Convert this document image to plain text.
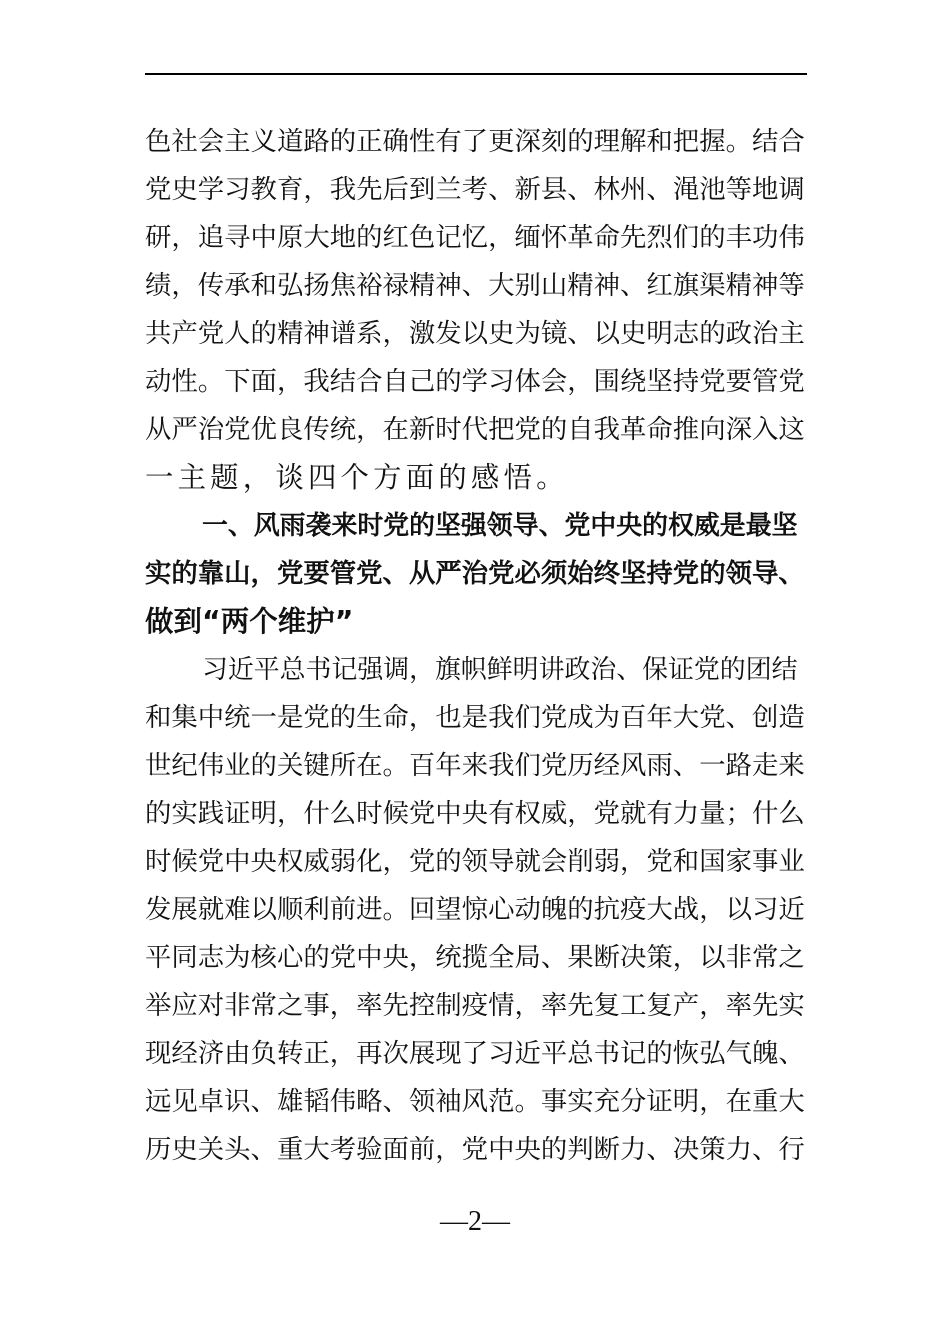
色社会主义道路的正确性有了更深刻的理解和把握。结合
党史学习教育，我先后到兰考、新县、林州、渑池等地调
研，追寻中原大地的红色记忆，缅怀革命先烈们的丰功伟
绩，传承和弘扬焦裕禄精神、大别山精神、红旗渠精神等
共产党人的精神谱系，激发以史为镜、以史明志的政治主
动性。下面，我结合自己的学习体会，围绕坚持党要管党
从严治党优良传统，在新时代把党的自我革命推向深入这
一主题，谈四个方面的感悟。
一、风雨袭来时党的坚强领导、党中央的权威是最坚
实的靠山，党要管党、从严治党必须始终坚持党的领导、
做到“两个维护”
习近平总书记强调，旗帜鲜明讲政治、保证党的团结
和集中统一是党的生命，也是我们党成为百年大党、创造
世纪伟业的关键所在。百年来我们党历经风雨、一路走来
的实践证明，什么时候党中央有权威，党就有力量；什么
时候党中央权威弱化，党的领导就会削弱，党和国家事业
发展就难以顺利前进。回望惊心动魄的抗疫大战，以习近
平同志为核心的党中央，统揽全局、果断决策，以非常之
举应对非常之事，率先控制疫情，率先复工复产，率先实
现经济由负转正，再次展现了习近平总书记的恢弘气魄、
远见卓识、雄韬伟略、领袖风范。事实充分证明，在重大
历史关头、重大考验面前，党中央的判断力、决策力、行
—2—
